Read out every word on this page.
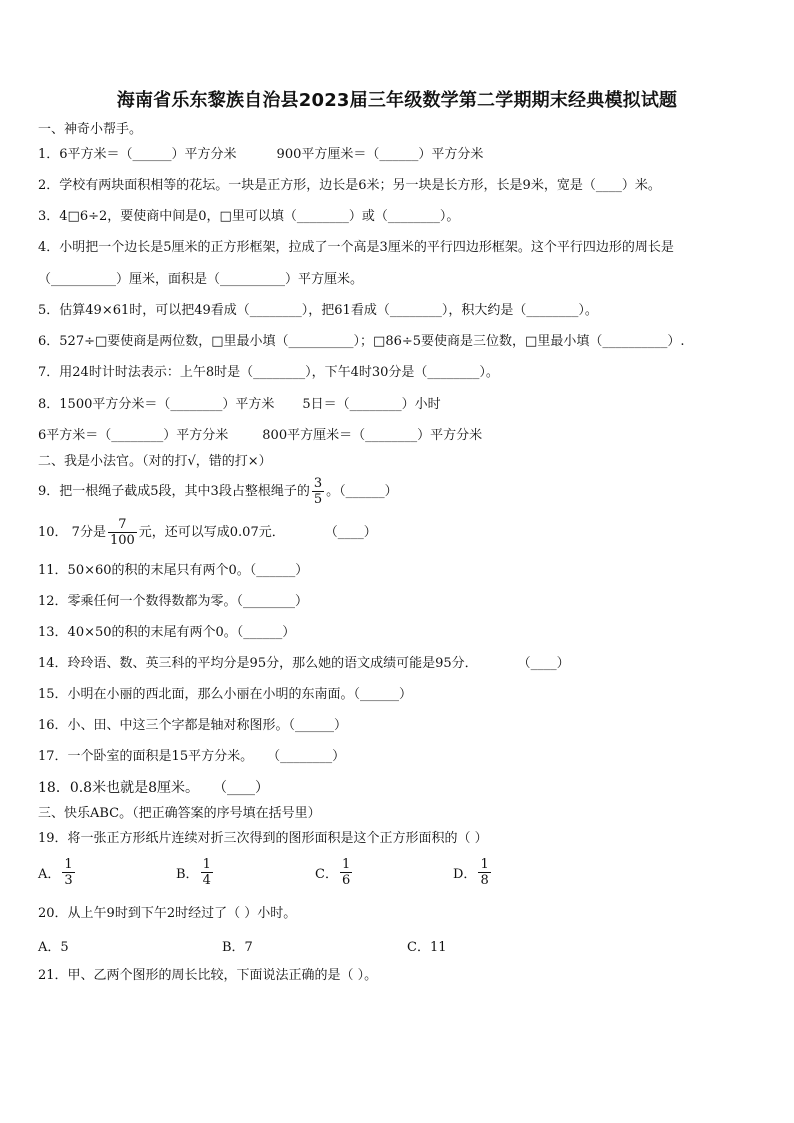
海南省乐东黎族自治县2023届三年级数学第二学期期末经典模拟试题
一、神奇小帮手。
1．6平方米＝（______）平方分米	900平方厘米＝（______）平方分米
2．学校有两块面积相等的花坛。一块是正方形，边长是6米；另一块是长方形，长是9米，宽是（____）米。
3．4□6÷2，要使商中间是0，□里可以填（________）或（________）。
4．小明把一个边长是5厘米的正方形框架，拉成了一个高是3厘米的平行四边形框架。这个平行四边形的周长是
（__________）厘米，面积是（__________）平方厘米。
5．估算49×61时，可以把49看成（________），把61看成（________），积大约是（________）。
6．527÷□要使商是两位数，□里最小填（__________）；□86÷5要使商是三位数，□里最小填（__________）.
7．用24时计时法表示：上午8时是（________），下午4时30分是（________）。
8．1500平方分米＝（________）平方米 5日＝（________）小时
6平方米＝（________）平方分米	800平方厘米＝（________）平方分米
二、我是小法官。（对的打√，错的打×）
9．把一根绳子截成5段，其中3段占整根绳子的 $\frac{3}{5}$ 。（______）
10． 7分是 $\frac{7}{100}$ 元，还可以写成0.07元．	（____）
11．50×60的积的末尾只有两个0。（______）
12．零乘任何一个数得数都为零。（________）
13．40×50的积的末尾有两个0。（______）
14．玲玲语、数、英三科的平均分是95分，那么她的语文成绩可能是95分．	（____）
15．小明在小丽的西北面，那么小丽在小明的东南面。（______）
16．小、田、中这三个字都是轴对称图形。（______）
17．一个卧室的面积是15平方分米。 （________）
18．0.8米也就是8厘米。 （____）
三、快乐ABC。（把正确答案的序号填在括号里）
19．将一张正方形纸片连续对折三次得到的图形面积是这个正方形面积的（ ）
A． $\frac{1}{3}$	B． $\frac{1}{4}$	C． $\frac{1}{6}$	D． $\frac{1}{8}$
20．从上午9时到下午2时经过了（ ）小时。
A．5	B．7	C．11
21．甲、乙两个图形的周长比较，下面说法正确的是（ ）。
